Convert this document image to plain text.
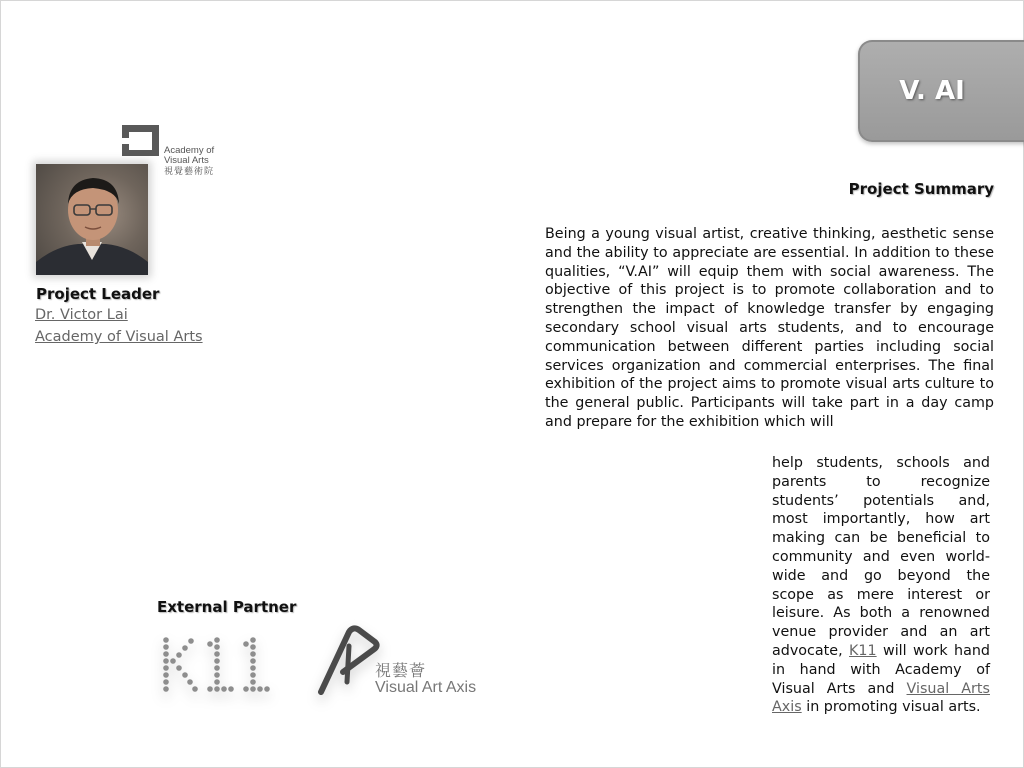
V. AI
Academy of
Visual Arts
視覺藝術院
Project Leader
Dr. Victor Lai
Academy of Visual Arts
Project Summary
Being a young visual artist, creative thinking, aesthetic sense and the ability to appreciate are essential. In addition to these qualities, “V.AI” will equip them with social awareness. The objective of this project is to promote collaboration and to strengthen the impact of knowledge transfer by engaging secondary school visual arts students, and to encourage communication between different parties including social services organization and commercial enterprises. The final exhibition of the project aims to promote visual arts culture to the general public. Participants will take part in a day camp and prepare for the exhibition which will
help students, schools and parents to recognize students’ potentials and, most importantly, how art making can be beneficial to community and even world-wide and go beyond the scope as mere interest or leisure. As both a renowned venue provider and an art advocate, K11 will work hand in hand with Academy of Visual Arts and Visual Arts Axis in promoting visual arts.
External Partner
視藝薈
Visual Art Axis
